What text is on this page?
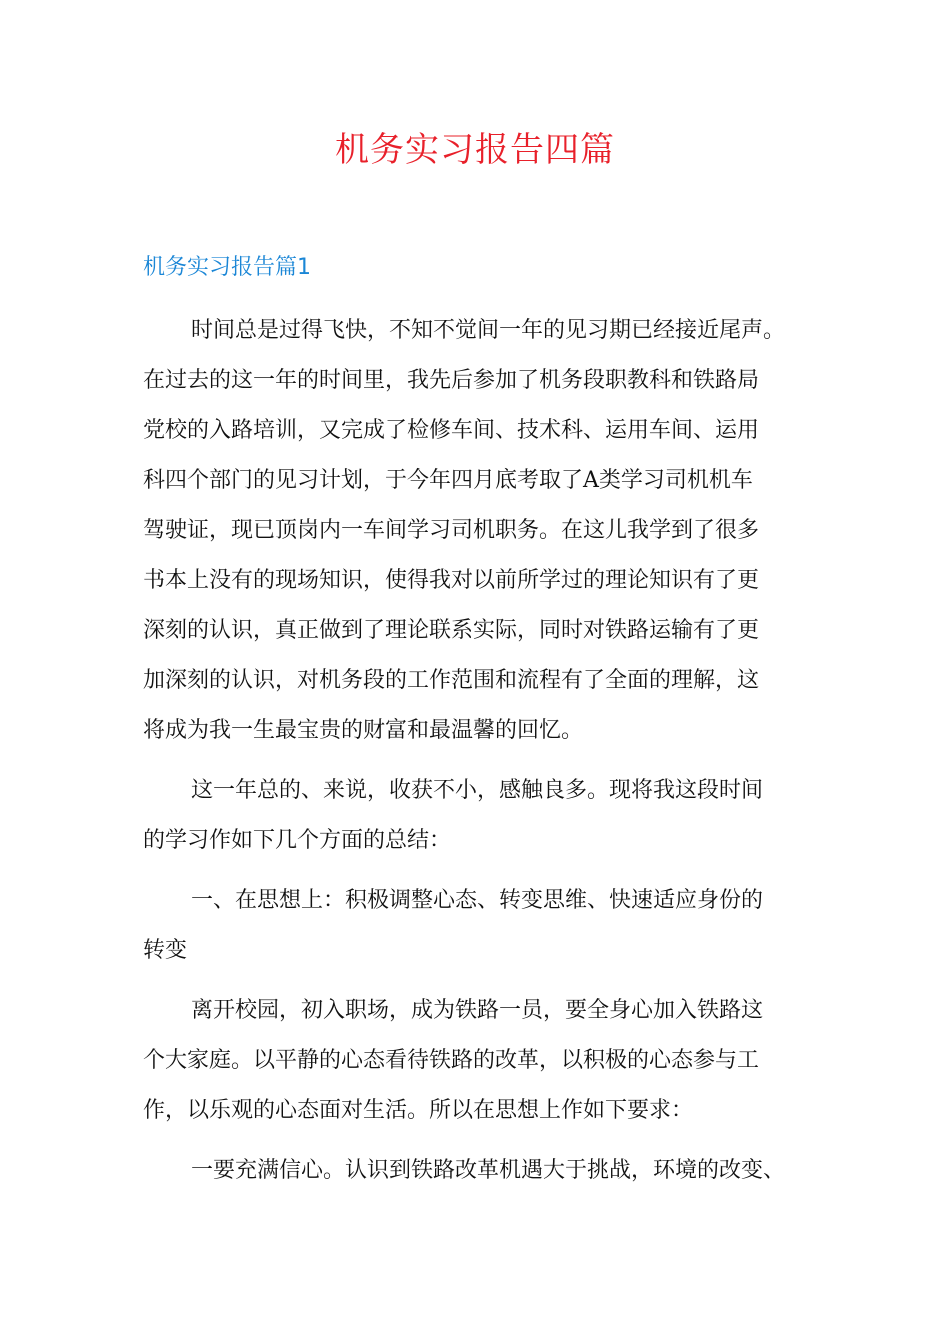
机务实习报告四篇
机务实习报告篇1
时间总是过得飞快，不知不觉间一年的见习期已经接近尾声。
在过去的这一年的时间里，我先后参加了机务段职教科和铁路局
党校的入路培训，又完成了检修车间、技术科、运用车间、运用
科四个部门的见习计划，于今年四月底考取了A类学习司机机车
驾驶证，现已顶岗内一车间学习司机职务。在这儿我学到了很多
书本上没有的现场知识，使得我对以前所学过的理论知识有了更
深刻的认识，真正做到了理论联系实际，同时对铁路运输有了更
加深刻的认识，对机务段的工作范围和流程有了全面的理解，这
将成为我一生最宝贵的财富和最温馨的回忆。
这一年总的、来说，收获不小，感触良多。现将我这段时间
的学习作如下几个方面的总结：
一、在思想上：积极调整心态、转变思维、快速适应身份的
转变
离开校园，初入职场，成为铁路一员，要全身心加入铁路这
个大家庭。以平静的心态看待铁路的改革，以积极的心态参与工
作，以乐观的心态面对生活。所以在思想上作如下要求：
一要充满信心。认识到铁路改革机遇大于挑战，环境的改变、
